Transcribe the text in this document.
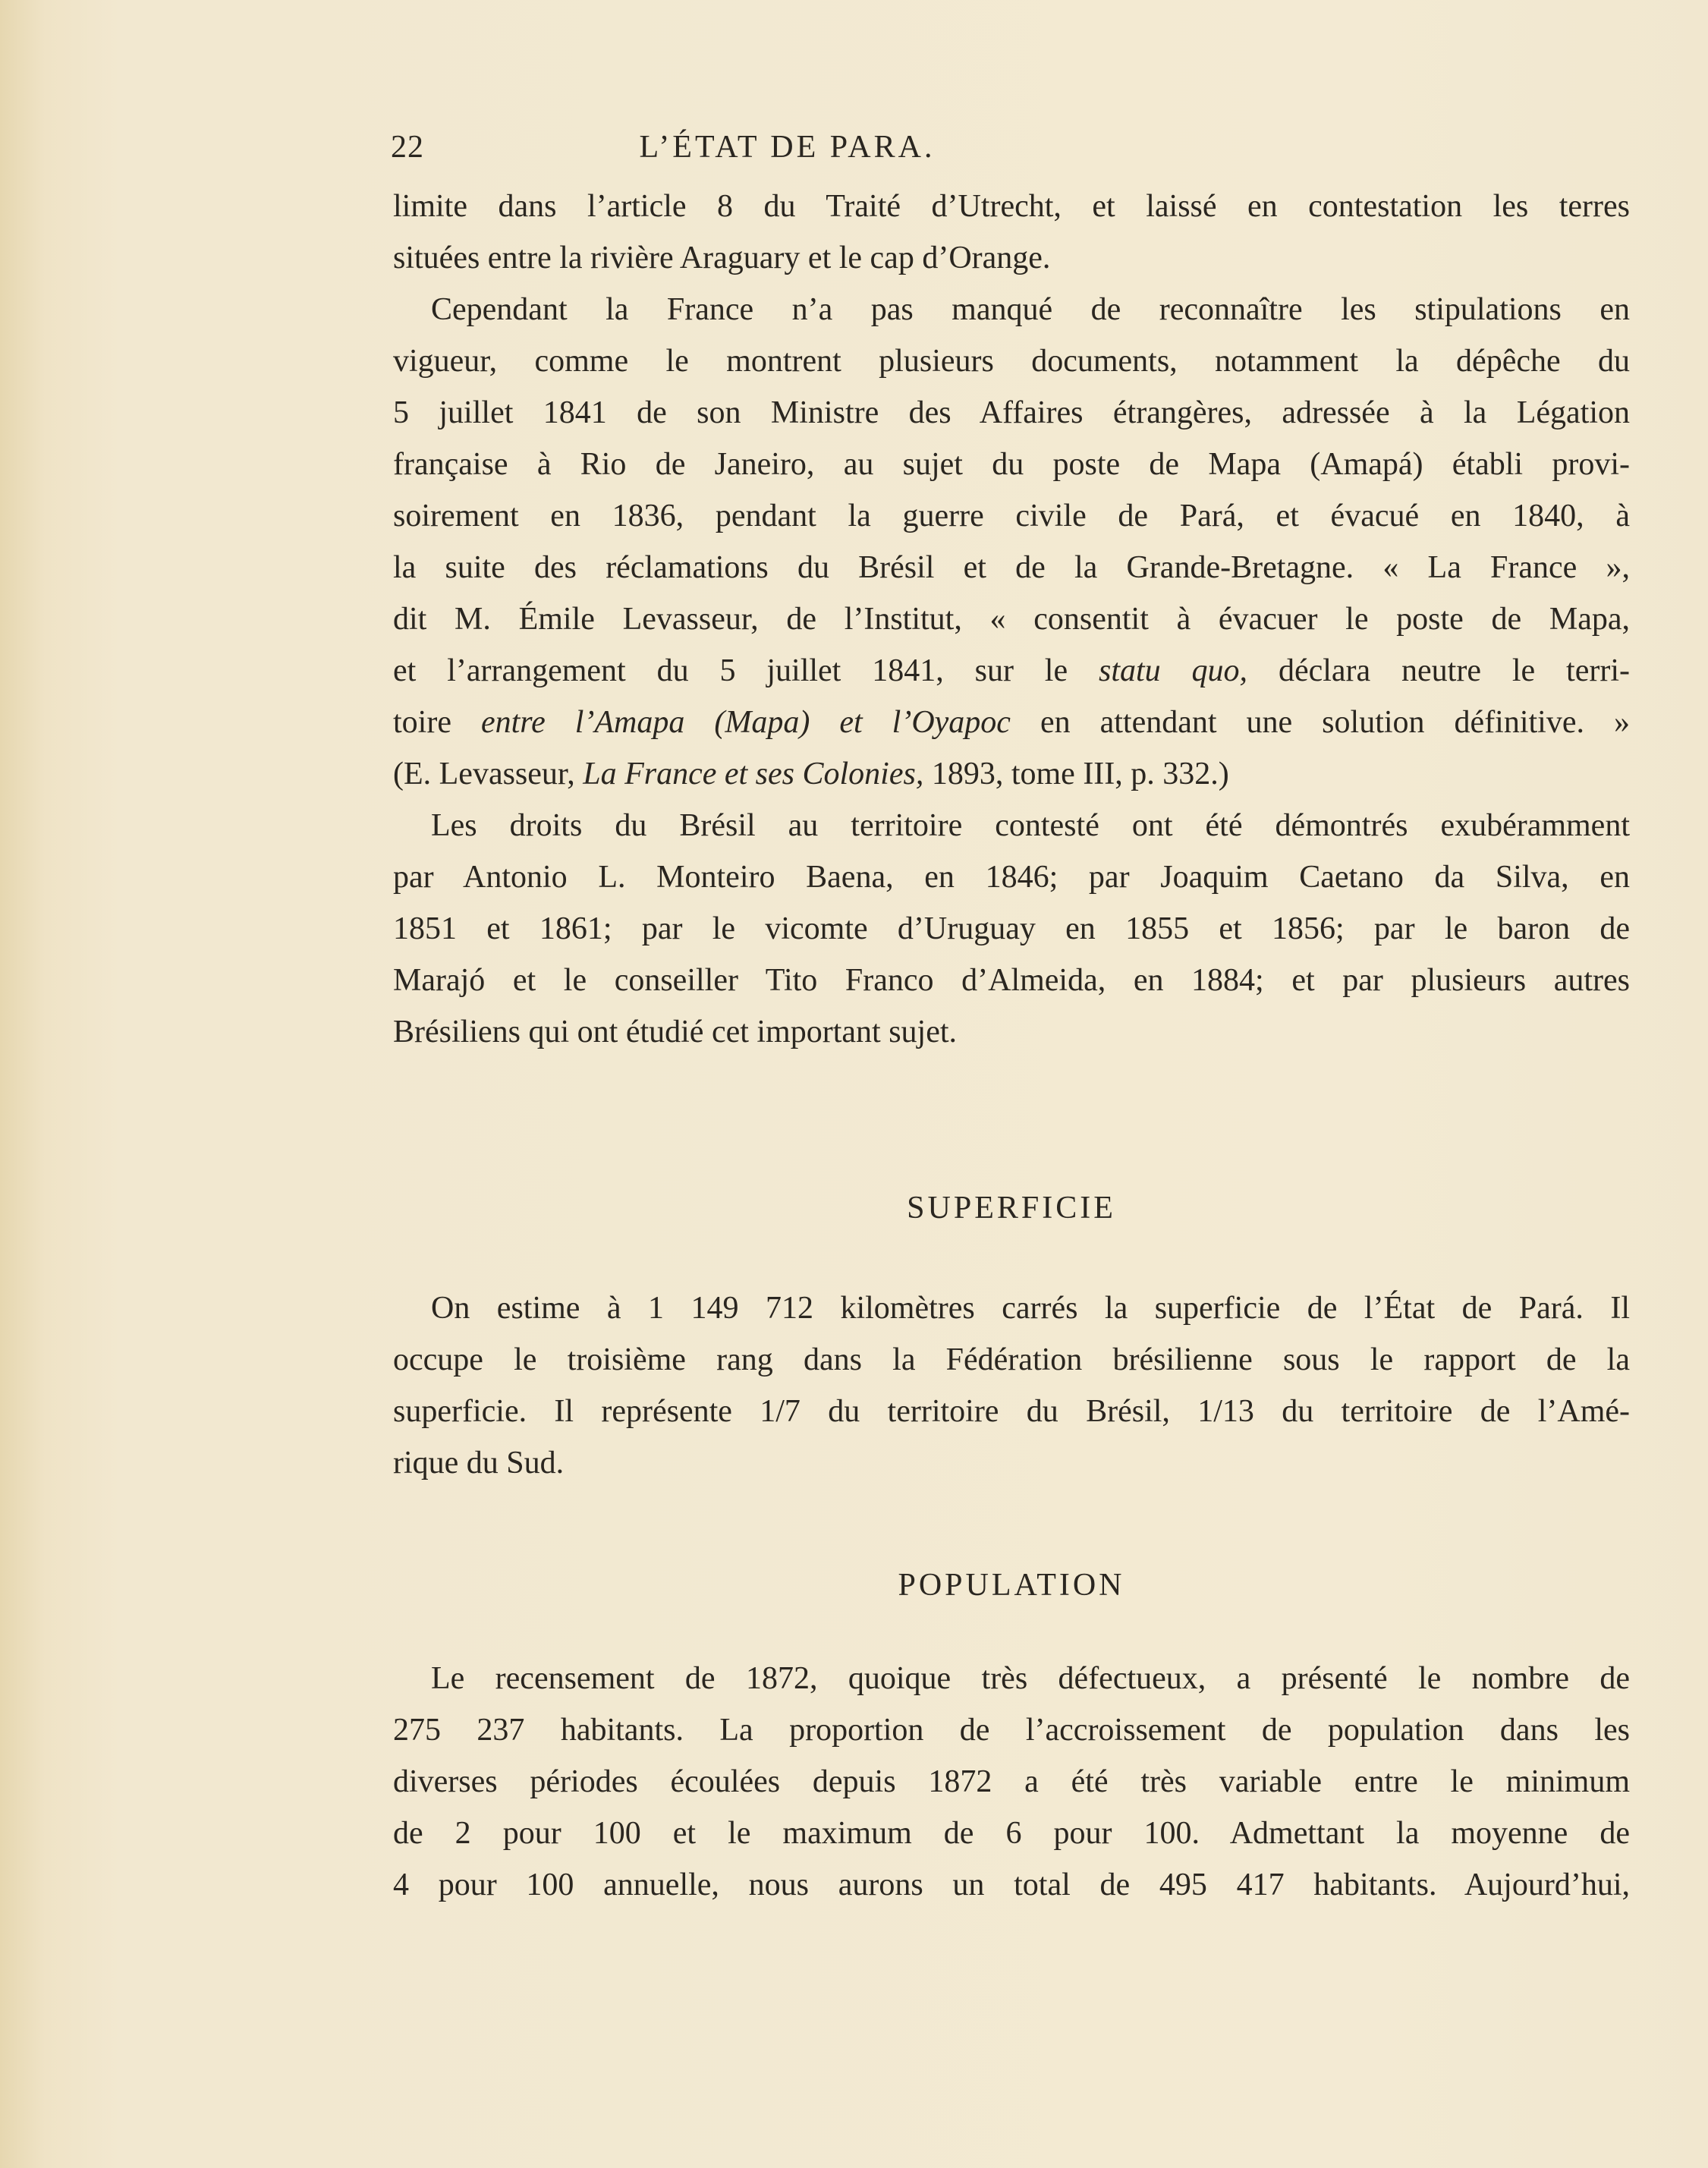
22	L’ÉTAT DE PARA.
limite dans l’article 8 du Traité d’Utrecht, et laissé en contestation les terres
situées entre la rivière Araguary et le cap d’Orange.
Cependant la France n’a pas manqué de reconnaître les stipulations en
vigueur, comme le montrent plusieurs documents, notamment la dépêche du
5 juillet 1841 de son Ministre des Affaires étrangères, adressée à la Légation
française à Rio de Janeiro, au sujet du poste de Mapa (Amapá) établi provi-
soirement en 1836, pendant la guerre civile de Pará, et évacué en 1840, à
la suite des réclamations du Brésil et de la Grande-Bretagne. « La France »,
dit M. Émile Levasseur, de l’Institut, « consentit à évacuer le poste de Mapa,
et l’arrangement du 5 juillet 1841, sur le statu quo, déclara neutre le terri-
toire entre l’Amapa (Mapa) et l’Oyapoc en attendant une solution définitive. »
(E. Levasseur, La France et ses Colonies, 1893, tome III, p. 332.)
Les droits du Brésil au territoire contesté ont été démontrés exubéramment
par Antonio L. Monteiro Baena, en 1846; par Joaquim Caetano da Silva, en
1851 et 1861; par le vicomte d’Uruguay en 1855 et 1856; par le baron de
Marajó et le conseiller Tito Franco d’Almeida, en 1884; et par plusieurs autres
Brésiliens qui ont étudié cet important sujet.
SUPERFICIE
On estime à 1 149 712 kilomètres carrés la superficie de l’État de Pará. Il
occupe le troisième rang dans la Fédération brésilienne sous le rapport de la
superficie. Il représente 1/7 du territoire du Brésil, 1/13 du territoire de l’Amé-
rique du Sud.
POPULATION
Le recensement de 1872, quoique très défectueux, a présenté le nombre de
275 237 habitants. La proportion de l’accroissement de population dans les
diverses périodes écoulées depuis 1872 a été très variable entre le minimum
de 2 pour 100 et le maximum de 6 pour 100. Admettant la moyenne de
4 pour 100 annuelle, nous aurons un total de 495 417 habitants. Aujourd’hui,
